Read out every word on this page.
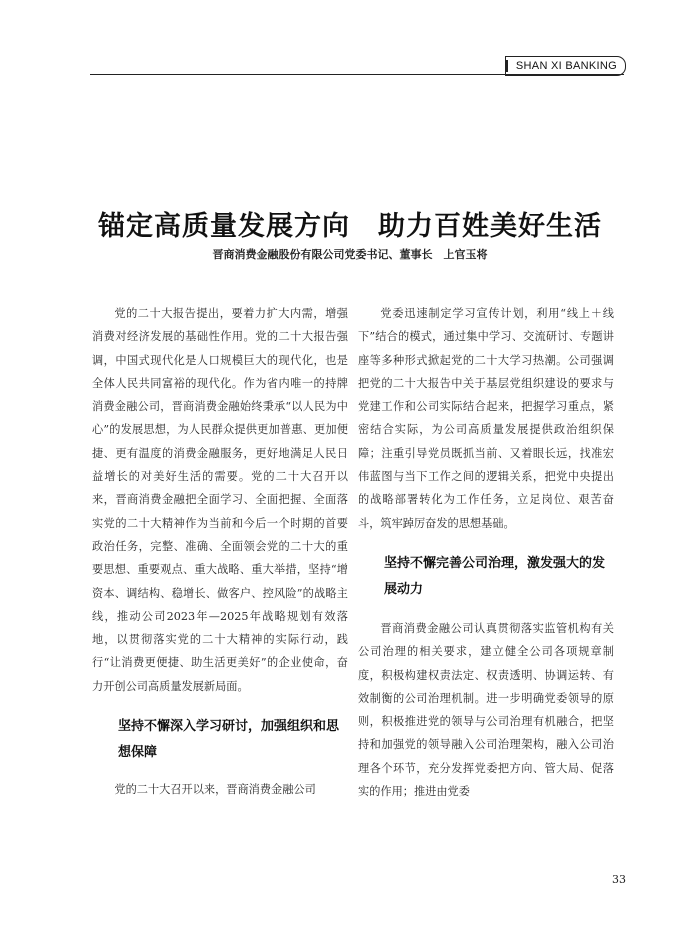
SHAN XI BANKING
锚定高质量发展方向　助力百姓美好生活
晋商消费金融股份有限公司党委书记、董事长　上官玉将

党的二十大报告提出，要着力扩大内需，增强消费对经济发展的基础性作用。党的二十大报告强调，中国式现代化是人口规模巨大的现代化，也是全体人民共同富裕的现代化。作为省内唯一的持牌消费金融公司，晋商消费金融始终秉承“以人民为中心”的发展思想，为人民群众提供更加普惠、更加便捷、更有温度的消费金融服务，更好地满足人民日益增长的对美好生活的需要。党的二十大召开以来，晋商消费金融把全面学习、全面把握、全面落实党的二十大精神作为当前和今后一个时期的首要政治任务，完整、准确、全面领会党的二十大的重要思想、重要观点、重大战略、重大举措，坚持“增资本、调结构、稳增长、做客户、控风险”的战略主线，推动公司2023年—2025年战略规划有效落地，以贯彻落实党的二十大精神的实际行动，践行“让消费更便捷、助生活更美好”的企业使命，奋力开创公司高质量发展新局面。

坚持不懈深入学习研讨，加强组织和思想保障

党的二十大召开以来，晋商消费金融公司

党委迅速制定学习宣传计划，利用“线上＋线下”结合的模式，通过集中学习、交流研讨、专题讲座等多种形式掀起党的二十大学习热潮。公司强调把党的二十大报告中关于基层党组织建设的要求与党建工作和公司实际结合起来，把握学习重点，紧密结合实际，为公司高质量发展提供政治组织保障；注重引导党员既抓当前、又着眼长远，找准宏伟蓝图与当下工作之间的逻辑关系，把党中央提出的战略部署转化为工作任务，立足岗位、艰苦奋斗，筑牢踔厉奋发的思想基础。

坚持不懈完善公司治理，激发强大的发展动力

晋商消费金融公司认真贯彻落实监管机构有关公司治理的相关要求，建立健全公司各项规章制度，积极构建权责法定、权责透明、协调运转、有效制衡的公司治理机制。进一步明确党委领导的原则，积极推进党的领导与公司治理有机融合，把坚持和加强党的领导融入公司治理架构，融入公司治理各个环节，充分发挥党委把方向、管大局、促落实的作用；推进由党委

33
